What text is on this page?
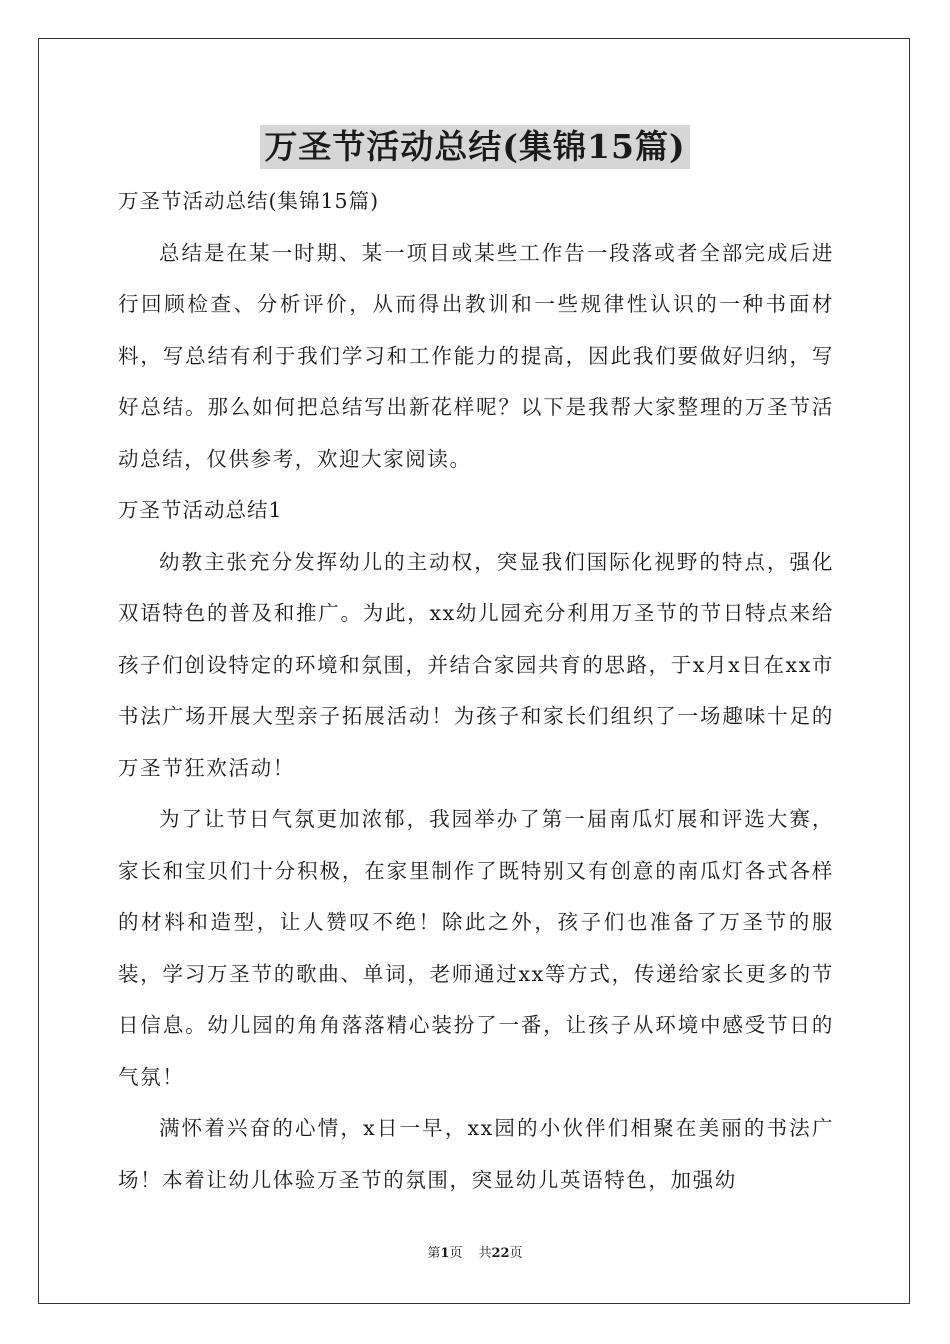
万圣节活动总结(集锦15篇)

万圣节活动总结(集锦15篇)

总结是在某一时期、某一项目或某些工作告一段落或者全部完成后进行回顾检查、分析评价，从而得出教训和一些规律性认识的一种书面材料，写总结有利于我们学习和工作能力的提高，因此我们要做好归纳，写好总结。那么如何把总结写出新花样呢？以下是我帮大家整理的万圣节活动总结，仅供参考，欢迎大家阅读。

万圣节活动总结1

幼教主张充分发挥幼儿的主动权，突显我们国际化视野的特点，强化双语特色的普及和推广。为此，xx幼儿园充分利用万圣节的节日特点来给孩子们创设特定的环境和氛围，并结合家园共育的思路，于x月x日在xx市书法广场开展大型亲子拓展活动！为孩子和家长们组织了一场趣味十足的万圣节狂欢活动！

为了让节日气氛更加浓郁，我园举办了第一届南瓜灯展和评选大赛，家长和宝贝们十分积极，在家里制作了既特别又有创意的南瓜灯各式各样的材料和造型，让人赞叹不绝！除此之外，孩子们也准备了万圣节的服装，学习万圣节的歌曲、单词，老师通过xx等方式，传递给家长更多的节日信息。幼儿园的角角落落精心装扮了一番，让孩子从环境中感受节日的气氛！

满怀着兴奋的心情，x日一早，xx园的小伙伴们相聚在美丽的书法广场！本着让幼儿体验万圣节的氛围，突显幼儿英语特色，加强幼

第1页 共22页
